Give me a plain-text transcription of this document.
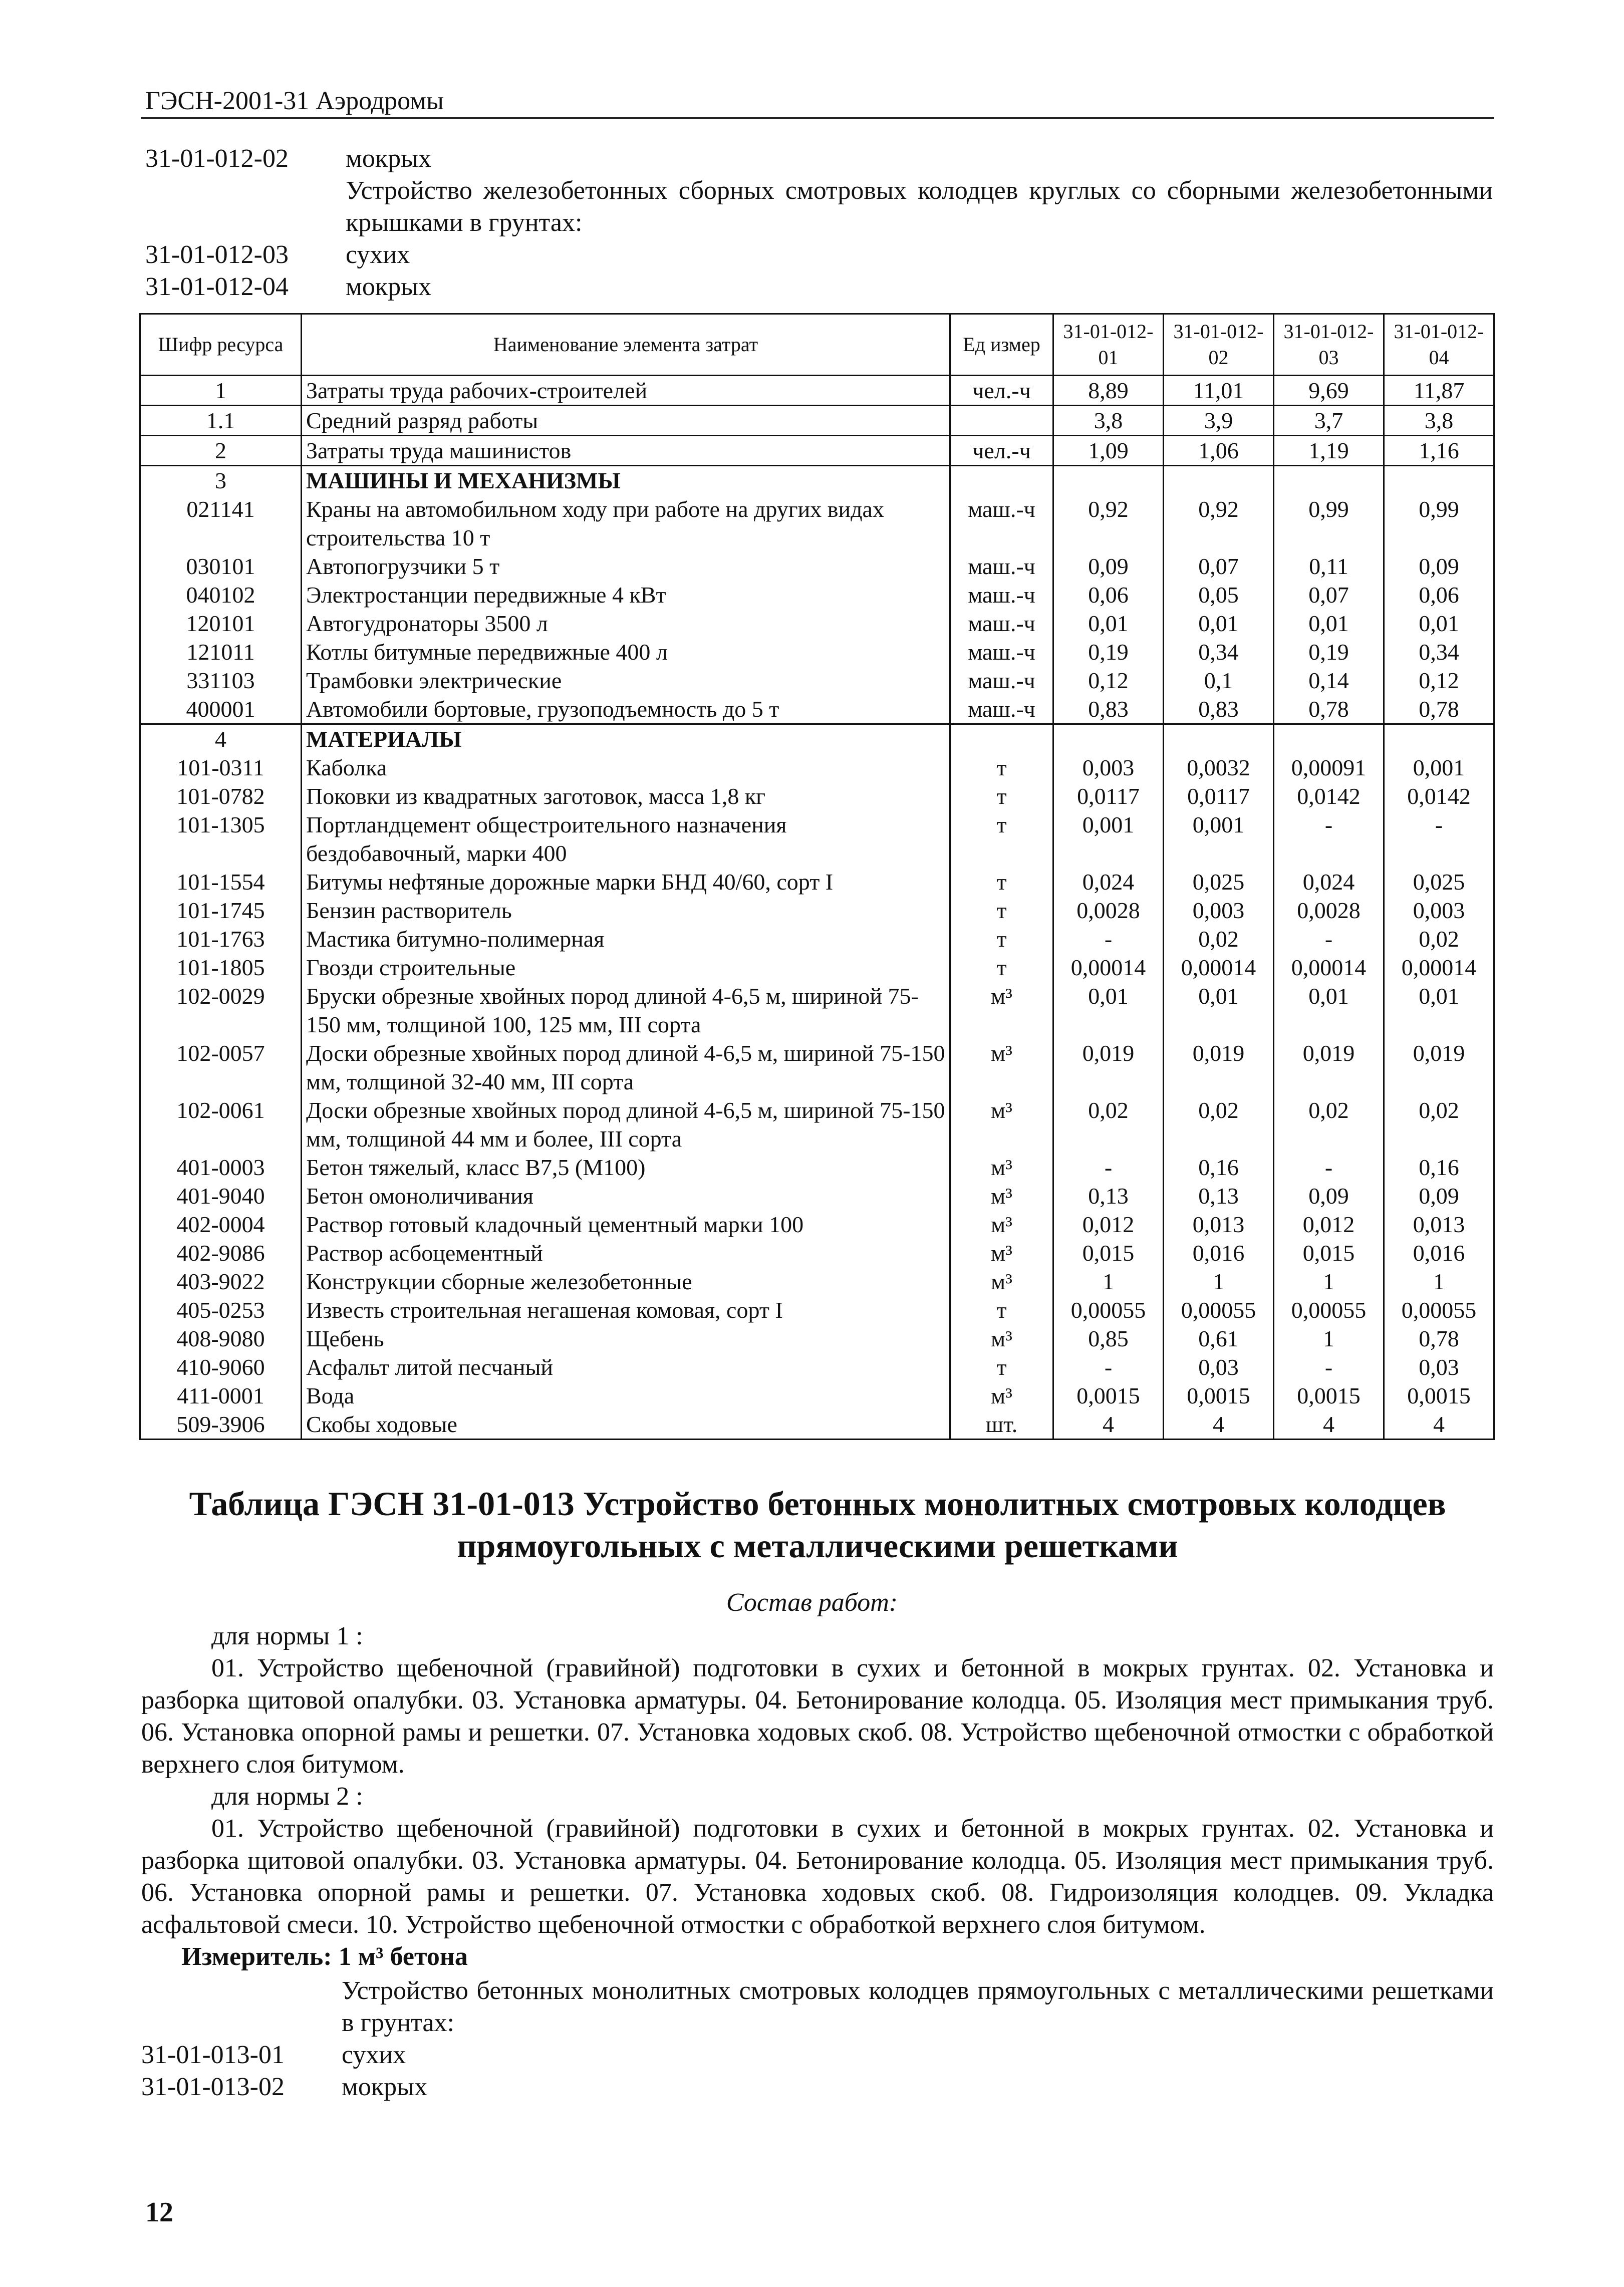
ГЭСН-2001-31 Аэродромы
31-01-012-02	мокрых
Устройство железобетонных сборных смотровых колодцев круглых со сборными железобетонными крышками в грунтах:
31-01-012-03	сухих
31-01-012-04	мокрых
Шифр ресурса	Наименование элемента затрат	Ед измер	31-01-012-01	31-01-012-02	31-01-012-03	31-01-012-04
1	Затраты труда рабочих-строителей	чел.-ч	8,89	11,01	9,69	11,87
1.1	Средний разряд работы		3,8	3,9	3,7	3,8
2	Затраты труда машинистов	чел.-ч	1,09	1,06	1,19	1,16
3	МАШИНЫ И МЕХАНИЗМЫ					
021141	Краны на автомобильном ходу при работе на других видах строительства 10 т	маш.-ч	0,92	0,92	0,99	0,99
030101	Автопогрузчики 5 т	маш.-ч	0,09	0,07	0,11	0,09
040102	Электростанции передвижные 4 кВт	маш.-ч	0,06	0,05	0,07	0,06
120101	Автогудронаторы 3500 л	маш.-ч	0,01	0,01	0,01	0,01
121011	Котлы битумные передвижные 400 л	маш.-ч	0,19	0,34	0,19	0,34
331103	Трамбовки электрические	маш.-ч	0,12	0,1	0,14	0,12
400001	Автомобили бортовые, грузоподъемность до 5 т	маш.-ч	0,83	0,83	0,78	0,78
4	МАТЕРИАЛЫ					
101-0311	Каболка	т	0,003	0,0032	0,00091	0,001
101-0782	Поковки из квадратных заготовок, масса 1,8 кг	т	0,0117	0,0117	0,0142	0,0142
101-1305	Портландцемент общестроительного назначения бездобавочный, марки 400	т	0,001	0,001	-	-
101-1554	Битумы нефтяные дорожные марки БНД 40/60, сорт I	т	0,024	0,025	0,024	0,025
101-1745	Бензин растворитель	т	0,0028	0,003	0,0028	0,003
101-1763	Мастика битумно-полимерная	т	-	0,02	-	0,02
101-1805	Гвозди строительные	т	0,00014	0,00014	0,00014	0,00014
102-0029	Бруски обрезные хвойных пород длиной 4-6,5 м, шириной 75-150 мм, толщиной 100, 125 мм, III сорта	м³	0,01	0,01	0,01	0,01
102-0057	Доски обрезные хвойных пород длиной 4-6,5 м, шириной 75-150 мм, толщиной 32-40 мм, III сорта	м³	0,019	0,019	0,019	0,019
102-0061	Доски обрезные хвойных пород длиной 4-6,5 м, шириной 75-150 мм, толщиной 44 мм и более, III сорта	м³	0,02	0,02	0,02	0,02
401-0003	Бетон тяжелый, класс В7,5 (М100)	м³	-	0,16	-	0,16
401-9040	Бетон омоноличивания	м³	0,13	0,13	0,09	0,09
402-0004	Раствор готовый кладочный цементный марки 100	м³	0,012	0,013	0,012	0,013
402-9086	Раствор асбоцементный	м³	0,015	0,016	0,015	0,016
403-9022	Конструкции сборные железобетонные	м³	1	1	1	1
405-0253	Известь строительная негашеная комовая, сорт I	т	0,00055	0,00055	0,00055	0,00055
408-9080	Щебень	м³	0,85	0,61	1	0,78
410-9060	Асфальт литой песчаный	т	-	0,03	-	0,03
411-0001	Вода	м³	0,0015	0,0015	0,0015	0,0015
509-3906	Скобы ходовые	шт.	4	4	4	4
Таблица ГЭСН 31-01-013 Устройство бетонных монолитных смотровых колодцев прямоугольных с металлическими решетками
Состав работ:

для нормы 1 :

01. Устройство щебеночной (гравийной) подготовки в сухих и бетонной в мокрых грунтах. 02. Установка и разборка щитовой опалубки. 03. Установка арматуры. 04. Бетонирование колодца. 05. Изоляция мест примыкания труб. 06. Установка опорной рамы и решетки. 07. Установка ходовых скоб. 08. Устройство щебеночной отмостки с обработкой верхнего слоя битумом.

для нормы 2 :

01. Устройство щебеночной (гравийной) подготовки в сухих и бетонной в мокрых грунтах. 02. Установка и разборка щитовой опалубки. 03. Установка арматуры. 04. Бетонирование колодца. 05. Изоляция мест примыкания труб. 06. Установка опорной рамы и решетки. 07. Установка ходовых скоб. 08. Гидроизоляция колодцев. 09. Укладка асфальтовой смеси. 10. Устройство щебеночной отмостки с обработкой верхнего слоя битумом.

Измеритель: 1 м³ бетона

Устройство бетонных монолитных смотровых колодцев прямоугольных с металлическими решетками в грунтах:
31-01-013-01	сухих
31-01-013-02	мокрых
12
